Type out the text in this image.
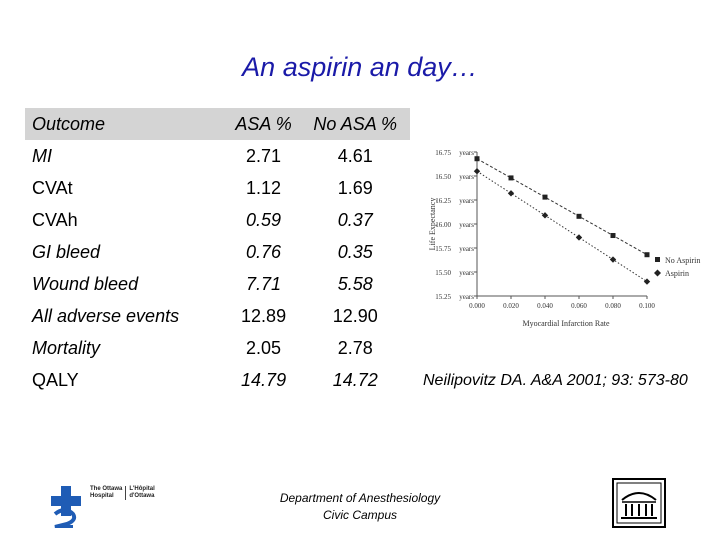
An aspirin an day…
Outcome	ASA %	No ASA %
MI	2.71	4.61
CVAt	1.12	1.69
CVAh	0.59	0.37
GI bleed	0.76	0.35
Wound bleed	7.71	5.58
All adverse events	12.89	12.90
Mortality	2.05	2.78
QALY	14.79	14.72
16.75 years
16.50 years
16.25 years
16.00 years
15.75 years
15.50 years
15.25 years
0.000	0.020	0.040	0.060	0.080	0.100
Life Expectancy
Myocardial Infarction Rate
No Aspirin
Aspirin
Neilipovitz DA. A&A 2001; 93: 573-80
Department of Anesthesiology
Civic Campus
The Ottawa
Hospital
L'Hôpital
d'Ottawa
